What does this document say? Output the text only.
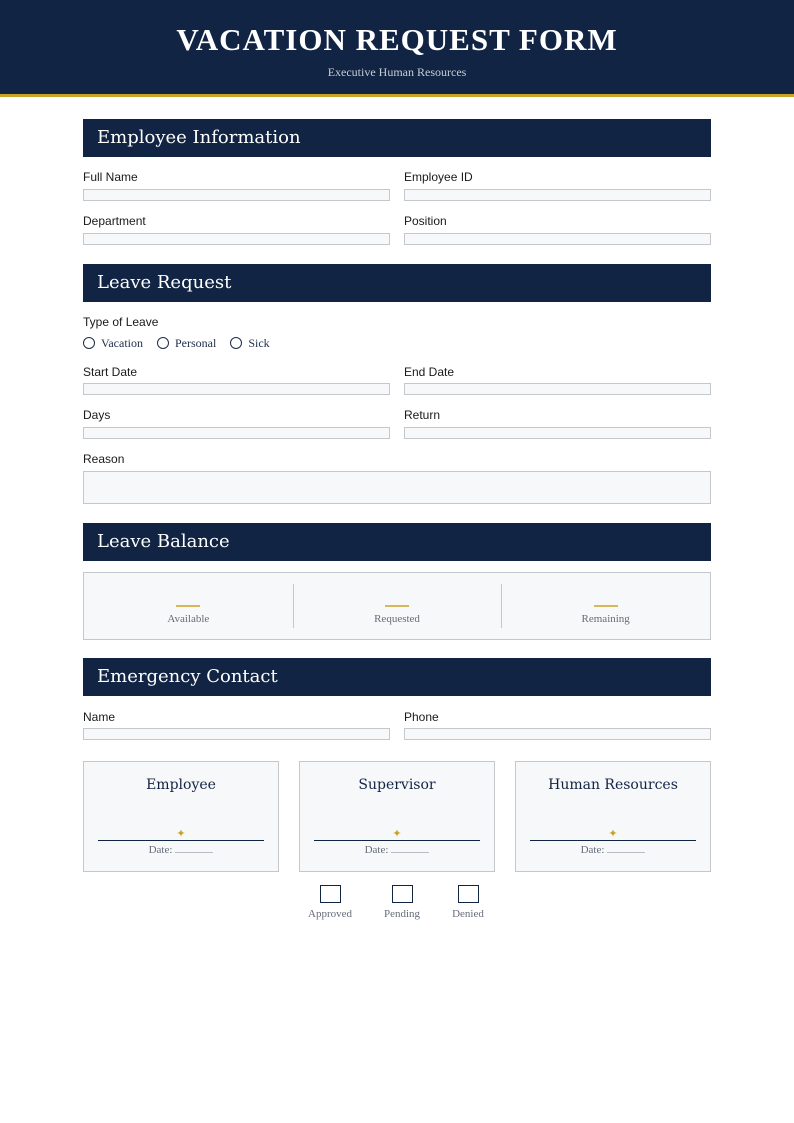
VACATION REQUEST FORM
Executive Human Resources
Employee Information
Full Name	Employee ID
Department	Position
Leave Request
Type of Leave
Vacation	Personal	Sick
Start Date	End Date
Days	Return
Reason
Leave Balance
Available	Requested	Remaining
Emergency Contact
Name	Phone
Employee
✦
Date:
Supervisor
✦
Date:
Human Resources
✦
Date:
Approved	Pending	Denied
